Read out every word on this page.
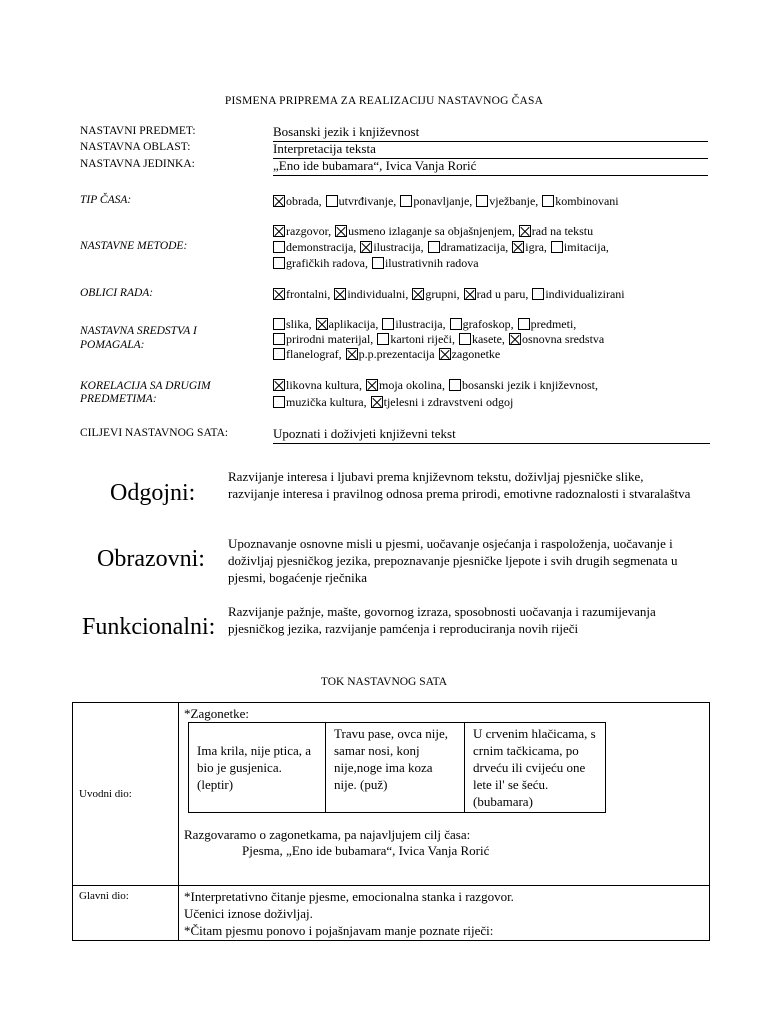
PISMENA PRIPREMA ZA REALIZACIJU NASTAVNOG ČASA
NASTAVNI PREDMET:	Bosanski jezik i književnost
NASTAVNA OBLAST:	Interpretacija teksta
NASTAVNA JEDINKA:	„Eno ide bubamara“, Ivica Vanja Rorić
TIP ČASA:	obrada, utvrđivanje, ponavljanje, vježbanje, kombinovani
NASTAVNE METODE:
razgovor, usmeno izlaganje sa objašnjenjem, rad na tekstu
demonstracija, ilustracija, dramatizacija, igra, imitacija,
grafičkih radova, ilustrativnih radova
OBLICI RADA:	frontalni, individualni, grupni, rad u paru, individualizirani
NASTAVNA SREDSTVA I
POMAGALA:
slika, aplikacija, ilustracija, grafoskop, predmeti,
prirodni materijal, kartoni riječi, kasete, osnovna sredstva
flanelograf, p.p.prezentacija zagonetke
KORELACIJA SA DRUGIM
PREDMETIMA:
likovna kultura, moja okolina, bosanski jezik i književnost,
muzička kultura, tjelesni i zdravstveni odgoj
CILJEVI NASTAVNOG SATA:	Upoznati i doživjeti književni tekst
Odgojni:
Razvijanje interesa i ljubavi prema književnom tekstu, doživljaj pjesničke slike, razvijanje interesa i pravilnog odnosa prema prirodi, emotivne radoznalosti i stvaralaštva
Obrazovni:
Upoznavanje osnovne misli u pjesmi, uočavanje osjećanja i raspoloženja, uočavanje i doživljaj pjesničkog jezika, prepoznavanje pjesničke ljepote i svih drugih segmenata u pjesmi, bogaćenje rječnika
Funkcionalni:
Razvijanje pažnje, mašte, govornog izraza, sposobnosti uočavanja i razumijevanja pjesničkog jezika, razvijanje pamćenja i reproduciranja novih riječi
TOK NASTAVNOG SATA
Uvodni dio:	
*Zagonetke:
Ima krila, nije ptica, a bio je gusjenica. (leptir)	Travu pase, ovca nije, samar nosi, konj nije,noge ima koza nije. (puž)	U crvenim hlačicama, s crnim tačkicama, po drveću ili cvijeću one lete il' se šeću. (bubamara)
Razgovaramo o zagonetkama, pa najavljujem cilj časa:
Pjesma, „Eno ide bubamara“, Ivica Vanja Rorić

Glavni dio:	*Interpretativno čitanje pjesme, emocionalna stanka i razgovor.
Učenici iznose doživljaj.
*Čitam pjesmu ponovo i pojašnjavam manje poznate riječi:
